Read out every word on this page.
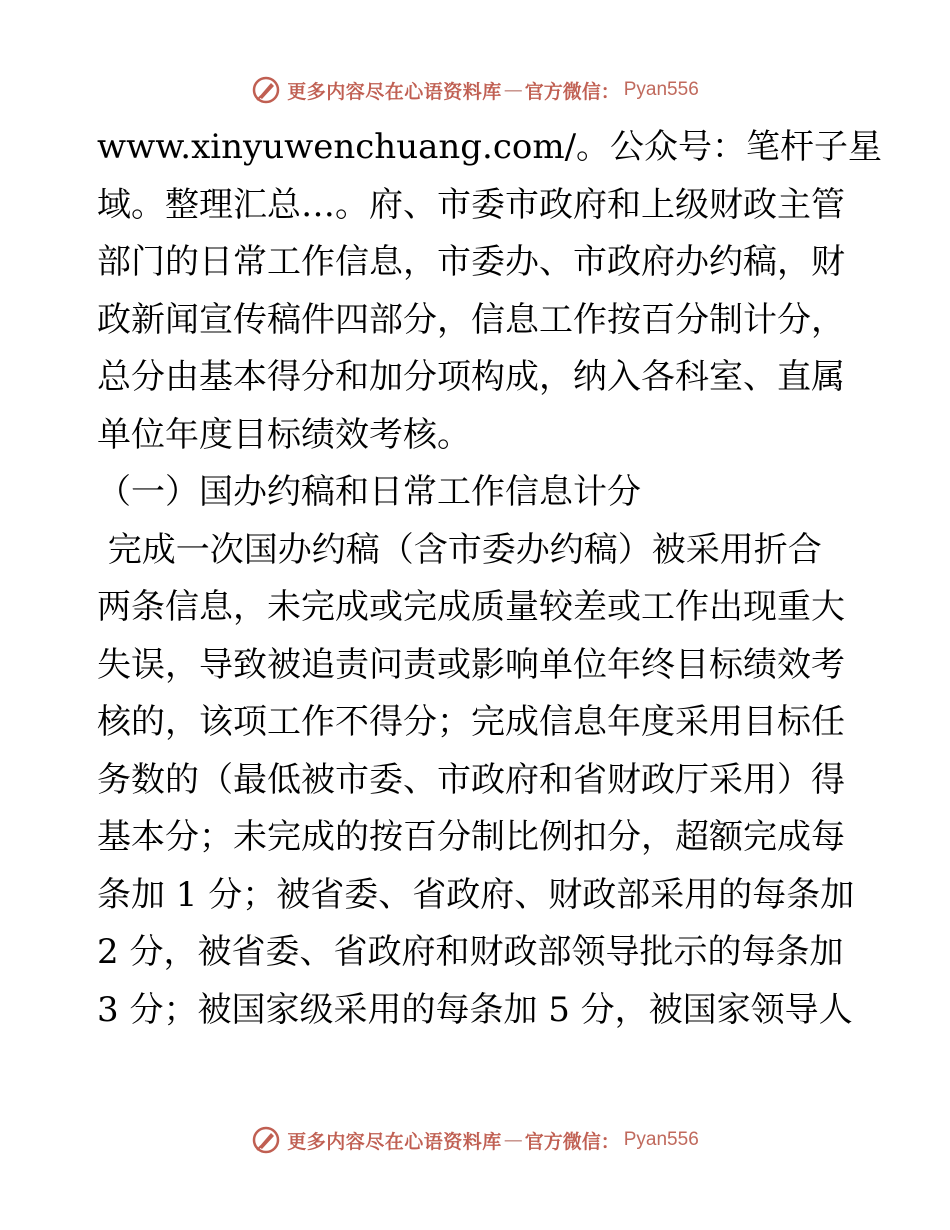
更多内容尽在心语资料库 — 官方微信： Pyan556
www.xinyuwenchuang.com/。公众号：笔杆子星
域。整理汇总…。府、市委市政府和上级财政主管
部门的日常工作信息，市委办、市政府办约稿，财
政新闻宣传稿件四部分，信息工作按百分制计分，
总分由基本得分和加分项构成，纳入各科室、直属
单位年度目标绩效考核。
（一）国办约稿和日常工作信息计分
完成一次国办约稿（含市委办约稿）被采用折合
两条信息，未完成或完成质量较差或工作出现重大
失误，导致被追责问责或影响单位年终目标绩效考
核的，该项工作不得分；完成信息年度采用目标任
务数的（最低被市委、市政府和省财政厅采用）得
基本分；未完成的按百分制比例扣分，超额完成每
条加 1 分；被省委、省政府、财政部采用的每条加
2 分，被省委、省政府和财政部领导批示的每条加
3 分；被国家级采用的每条加 5 分，被国家领导人
更多内容尽在心语资料库 — 官方微信： Pyan556
